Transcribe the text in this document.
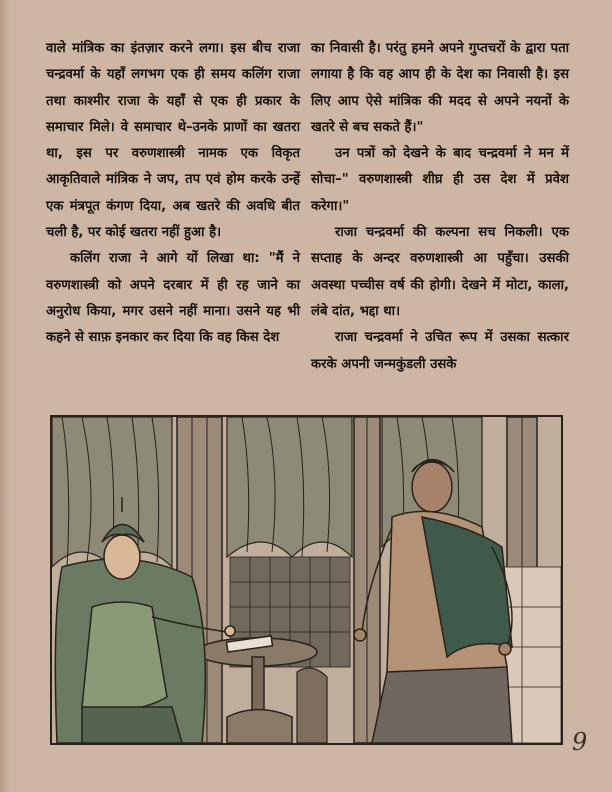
वाले मांत्रिक का इंतज़ार करने लगा। इस बीच राजा चन्द्रवर्मा के यहाँ लगभग एक ही समय कलिंग राजा तथा काश्मीर राजा के यहाँ से एक ही प्रकार के समाचार मिले। वे समाचार थे–उनके प्राणों का खतरा था, इस पर वरुणशास्त्री नामक एक विकृत आकृतिवाले मांत्रिक ने जप, तप एवं होम करके उन्हें एक मंत्रपूत कंगण दिया, अब खतरे की अवधि बीत चली है, पर कोई खतरा नहीं हुआ है।

कलिंग राजा ने आगे यों लिखा था: "मैं ने वरुणशास्त्री को अपने दरबार में ही रह जाने का अनुरोध किया, मगर उसने नहीं माना। उसने यह भी कहने से साफ़ इनकार कर दिया कि वह किस देश

का निवासी है। परंतु हमने अपने गुप्तचरों के द्वारा पता लगाया है कि वह आप ही के देश का निवासी है। इस लिए आप ऐसे मांत्रिक की मदद से अपने नयनों के खतरे से बच सकते हैं।"

उन पत्रों को देखने के बाद चन्द्रवर्मा ने मन में सोचा–" वरुणशास्त्री शीघ्र ही उस देश में प्रवेश करेगा।"

राजा चन्द्रवर्मा की कल्पना सच निकली। एक सप्ताह के अन्दर वरुणशास्त्री आ पहुँचा। उसकी अवस्था पच्चीस वर्ष की होगी। देखने में मोटा, काला, लंबे दांत, भद्दा था।

राजा चन्द्रवर्मा ने उचित रूप में उसका सत्कार करके अपनी जन्मकुंडली उसके

9
